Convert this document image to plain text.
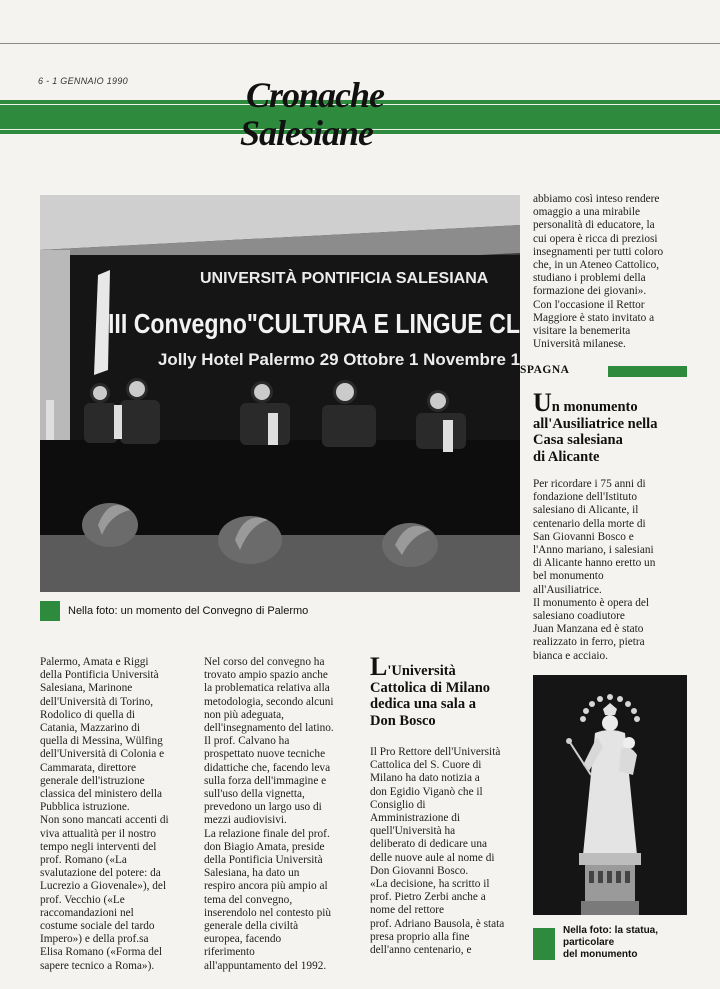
6 - 1 GENNAIO 1990	Cronache
Salesiane
UNIVERSITÀ PONTIFICIA SALESIANA
III Convegno"CULTURA E LINGUE CL
Jolly Hotel Palermo 29 Ottobre 1 Novembre 1
Nella foto: un momento del Convegno di Palermo

Palermo, Amata e Riggi

della Pontificia Università

Salesiana, Marinone

dell'Università di Torino,

Rodolico di quella di

Catania, Mazzarino di

quella di Messina, Wülfing

dell'Università di Colonia e

Cammarata, direttore

generale dell'istruzione

classica del ministero della

Pubblica istruzione.

Non sono mancati accenti di

viva attualità per il nostro

tempo negli interventi del

prof. Romano («La

svalutazione del potere: da

Lucrezio a Giovenale»), del

prof. Vecchio («Le

raccomandazioni nel

costume sociale del tardo

Impero») e della prof.sa

Elisa Romano («Forma del

sapere tecnico a Roma»).

Nel corso del convegno ha

trovato ampio spazio anche

la problematica relativa alla

metodologia, secondo alcuni

non più adeguata,

dell'insegnamento del latino.

Il prof. Calvano ha

prospettato nuove tecniche

didattiche che, facendo leva

sulla forza dell'immagine e

sull'uso della vignetta,

prevedono un largo uso di

mezzi audiovisivi.

La relazione finale del prof.

don Biagio Amata, preside

della Pontificia Università

Salesiana, ha dato un

respiro ancora più ampio al

tema del convegno,

inserendolo nel contesto più

generale della civiltà

europea, facendo

riferimento

all'appuntamento del 1992.

L'Università
Cattolica di Milano
dedica una sala a
Don Bosco

Il Pro Rettore dell'Università

Cattolica del S. Cuore di

Milano ha dato notizia a

don Egidio Viganò che il

Consiglio di

Amministrazione di

quell'Università ha

deliberato di dedicare una

delle nuove aule al nome di

Don Giovanni Bosco.

«La decisione, ha scritto il

prof. Pietro Zerbi anche a

nome del rettore

prof. Adriano Bausola, è stata

presa proprio alla fine

dell'anno centenario, e

abbiamo così inteso rendere

omaggio a una mirabile

personalità di educatore, la

cui opera è ricca di preziosi

insegnamenti per tutti coloro

che, in un Ateneo Cattolico,

studiano i problemi della

formazione dei giovani».

Con l'occasione il Rettor

Maggiore è stato invitato a

visitare la benemerita

Università milanese.

SPAGNA
Un monumento
all'Ausiliatrice nella
Casa salesiana
di Alicante

Per ricordare i 75 anni di

fondazione dell'Istituto

salesiano di Alicante, il

centenario della morte di

San Giovanni Bosco e

l'Anno mariano, i salesiani

di Alicante hanno eretto un

bel monumento

all'Ausiliatrice.

Il monumento è opera del

salesiano coadiutore

Juan Manzana ed è stato

realizzato in ferro, pietra

bianca e acciaio.

Nella foto: la statua,
particolare
del monumento
